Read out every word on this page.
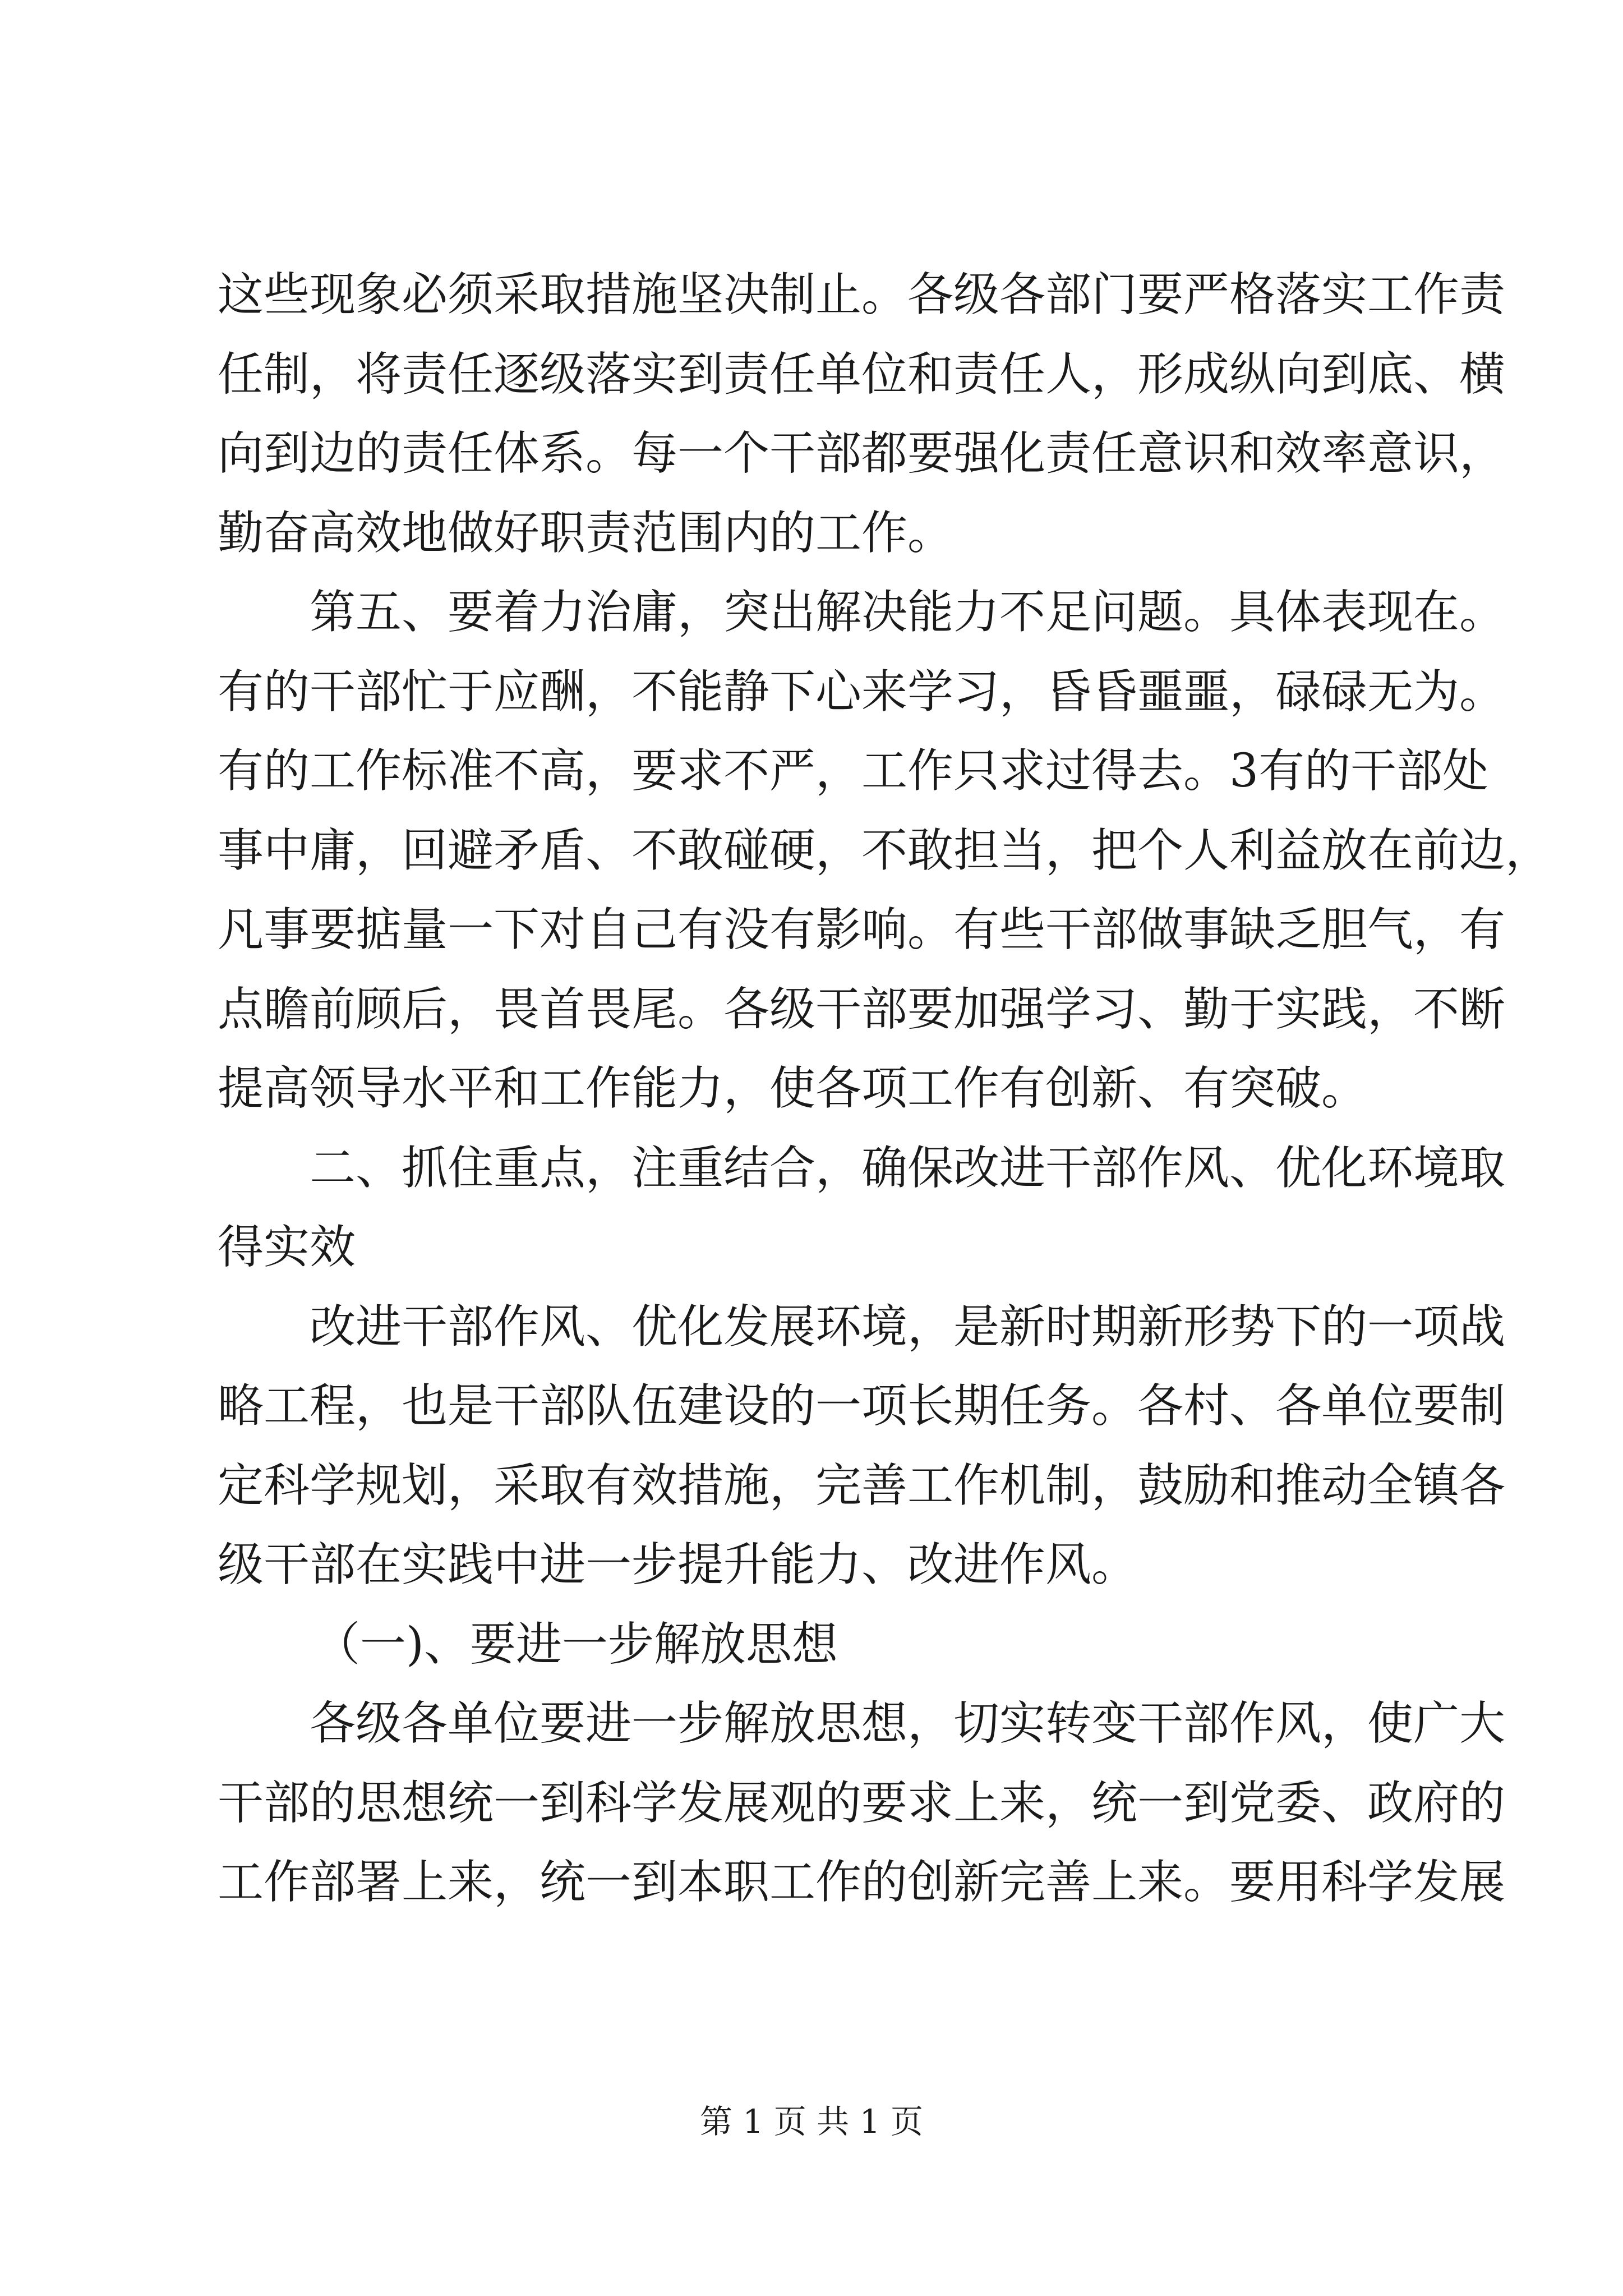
这些现象必须采取措施坚决制止。各级各部门要严格落实工作责
任制，将责任逐级落实到责任单位和责任人，形成纵向到底、横
向到边的责任体系。每一个干部都要强化责任意识和效率意识，
勤奋高效地做好职责范围内的工作。
第五、要着力治庸，突出解决能力不足问题。具体表现在。
有的干部忙于应酬，不能静下心来学习，昏昏噩噩，碌碌无为。
有的工作标准不高，要求不严，工作只求过得去。3有的干部处
事中庸，回避矛盾、不敢碰硬，不敢担当，把个人利益放在前边，
凡事要掂量一下对自己有没有影响。有些干部做事缺乏胆气，有
点瞻前顾后，畏首畏尾。各级干部要加强学习、勤于实践，不断
提高领导水平和工作能力，使各项工作有创新、有突破。
二、抓住重点，注重结合，确保改进干部作风、优化环境取
得实效
改进干部作风、优化发展环境，是新时期新形势下的一项战
略工程，也是干部队伍建设的一项长期任务。各村、各单位要制
定科学规划，采取有效措施，完善工作机制，鼓励和推动全镇各
级干部在实践中进一步提升能力、改进作风。
（一)、要进一步解放思想
各级各单位要进一步解放思想，切实转变干部作风，使广大
干部的思想统一到科学发展观的要求上来，统一到党委、政府的
工作部署上来，统一到本职工作的创新完善上来。要用科学发展
第 1 页 共 1 页
